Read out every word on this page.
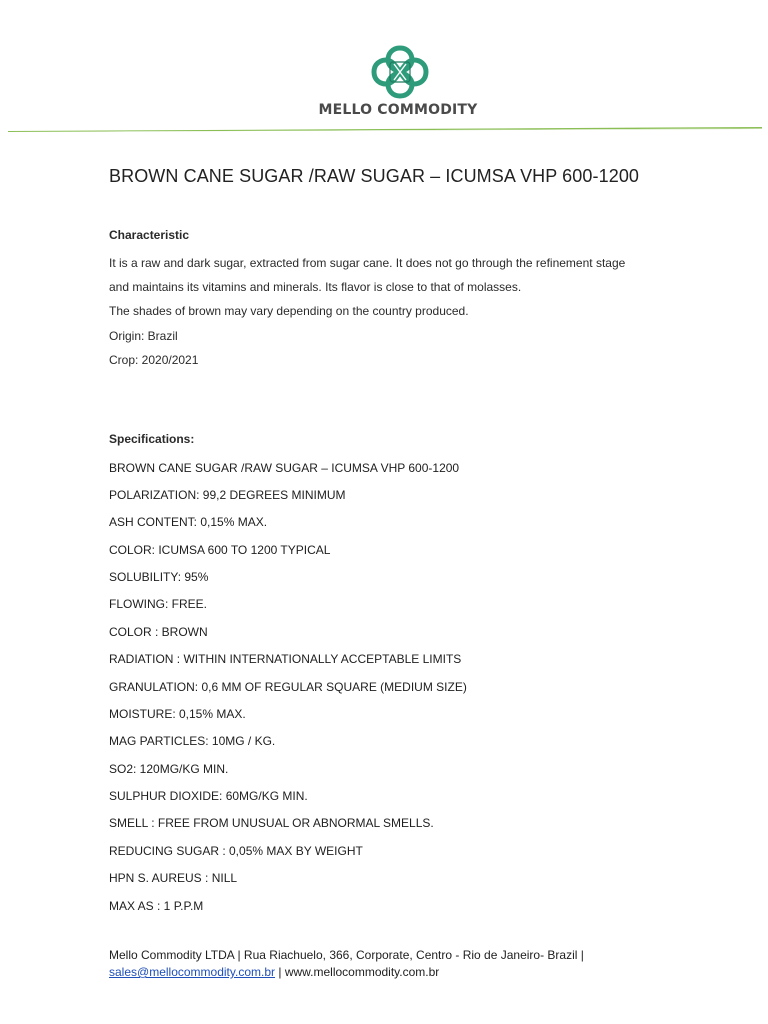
MELLO COMMODITY
BROWN CANE SUGAR /RAW SUGAR – ICUMSA VHP 600-1200

Characteristic

It is a raw and dark sugar, extracted from sugar cane. It does not go through the refinement stage

and maintains its vitamins and minerals. Its flavor is close to that of molasses.

The shades of brown may vary depending on the country produced.

Origin: Brazil

Crop: 2020/2021

Specifications:

BROWN CANE SUGAR /RAW SUGAR – ICUMSA VHP 600-1200

POLARIZATION: 99,2 DEGREES MINIMUM

ASH CONTENT: 0,15% MAX.

COLOR: ICUMSA 600 TO 1200 TYPICAL

SOLUBILITY: 95%

FLOWING: FREE.

COLOR : BROWN

RADIATION : WITHIN INTERNATIONALLY ACCEPTABLE LIMITS

GRANULATION: 0,6 MM OF REGULAR SQUARE (MEDIUM SIZE)

MOISTURE: 0,15% MAX.

MAG PARTICLES: 10MG / KG.

SO2: 120MG/KG MIN.

SULPHUR DIOXIDE: 60MG/KG MIN.

SMELL : FREE FROM UNUSUAL OR ABNORMAL SMELLS.

REDUCING SUGAR : 0,05% MAX BY WEIGHT

HPN S. AUREUS : NILL

MAX AS : 1 P.P.M

Mello Commodity LTDA | Rua Riachuelo, 366, Corporate, Centro - Rio de Janeiro- Brazil |
sales@mellocommodity.com.br | www.mellocommodity.com.br
